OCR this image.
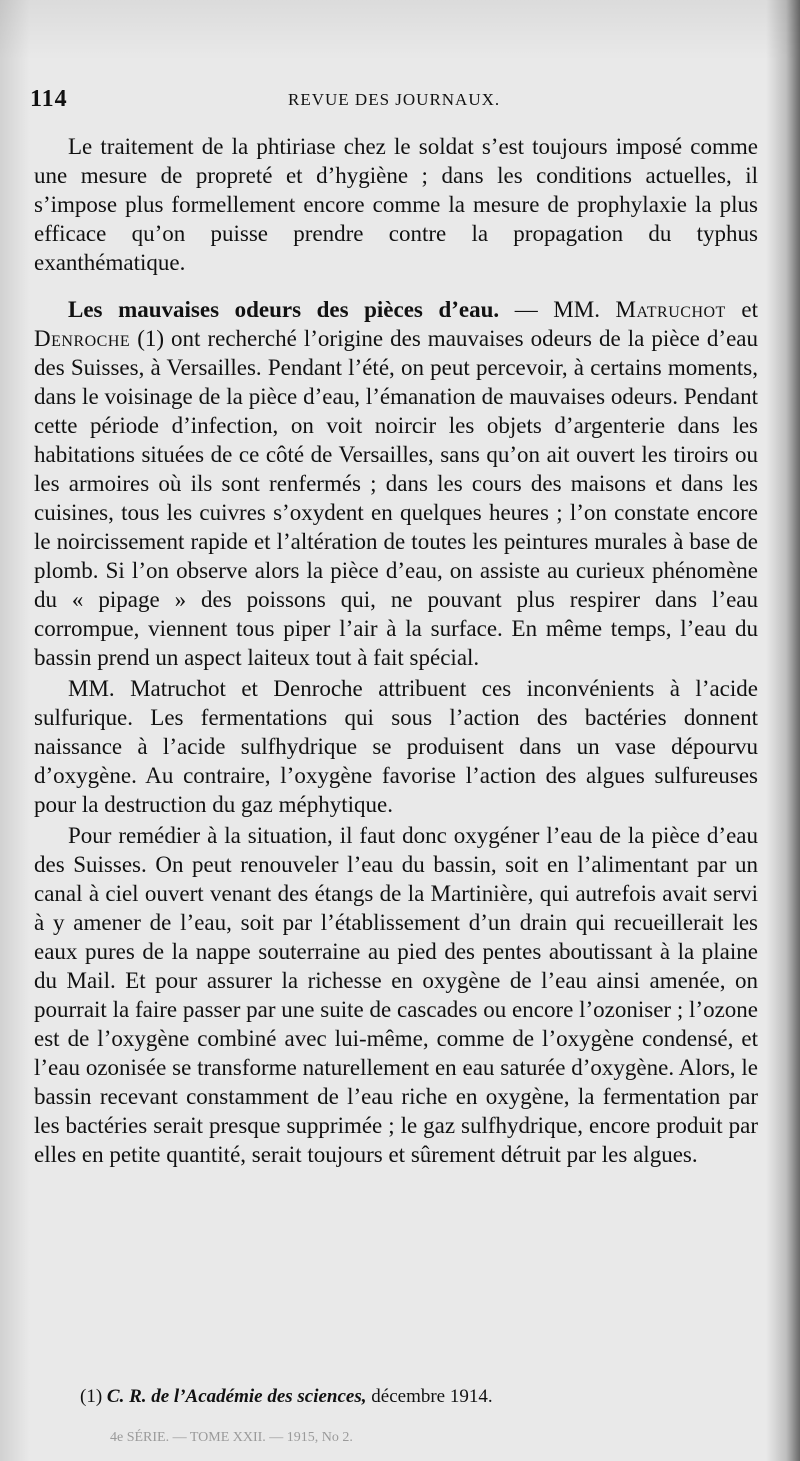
114	REVUE DES JOURNAUX.

Le traitement de la phtiriase chez le soldat s’est toujours imposé comme une mesure de propreté et d’hygiène ; dans les conditions actuelles, il s’impose plus formellement encore comme la mesure de prophylaxie la plus efficace qu’on puisse prendre contre la propagation du typhus exanthématique.

Les mauvaises odeurs des pièces d’eau. — MM. Matruchot et Denroche (1) ont recherché l’origine des mauvaises odeurs de la pièce d’eau des Suisses, à Versailles. Pendant l’été, on peut percevoir, à certains moments, dans le voisinage de la pièce d’eau, l’émanation de mauvaises odeurs. Pendant cette période d’infection, on voit noircir les objets d’argenterie dans les habitations situées de ce côté de Versailles, sans qu’on ait ouvert les tiroirs ou les armoires où ils sont renfermés ; dans les cours des maisons et dans les cuisines, tous les cuivres s’oxydent en quelques heures ; l’on constate encore le noircissement rapide et l’altération de toutes les peintures murales à base de plomb. Si l’on observe alors la pièce d’eau, on assiste au curieux phénomène du « pipage » des poissons qui, ne pouvant plus respirer dans l’eau corrompue, viennent tous piper l’air à la surface. En même temps, l’eau du bassin prend un aspect laiteux tout à fait spécial.

MM. Matruchot et Denroche attribuent ces inconvénients à l’acide sulfurique. Les fermentations qui sous l’action des bactéries donnent naissance à l’acide sulfhydrique se produisent dans un vase dépourvu d’oxygène. Au contraire, l’oxygène favorise l’action des algues sulfureuses pour la destruction du gaz méphytique.

Pour remédier à la situation, il faut donc oxygéner l’eau de la pièce d’eau des Suisses. On peut renouveler l’eau du bassin, soit en l’alimentant par un canal à ciel ouvert venant des étangs de la Martinière, qui autrefois avait servi à y amener de l’eau, soit par l’établissement d’un drain qui recueillerait les eaux pures de la nappe souterraine au pied des pentes aboutissant à la plaine du Mail. Et pour assurer la richesse en oxygène de l’eau ainsi amenée, on pourrait la faire passer par une suite de cascades ou encore l’ozoniser ; l’ozone est de l’oxygène combiné avec lui-même, comme de l’oxygène condensé, et l’eau ozonisée se transforme naturellement en eau saturée d’oxygène. Alors, le bassin recevant constamment de l’eau riche en oxygène, la fermentation par les bactéries serait presque supprimée ; le gaz sulfhydrique, encore produit par elles en petite quantité, serait toujours et sûrement détruit par les algues.

(1) C. R. de l’Académie des sciences, décembre 1914.
4e SÉRIE. — TOME XXII. — 1915, No 2.
